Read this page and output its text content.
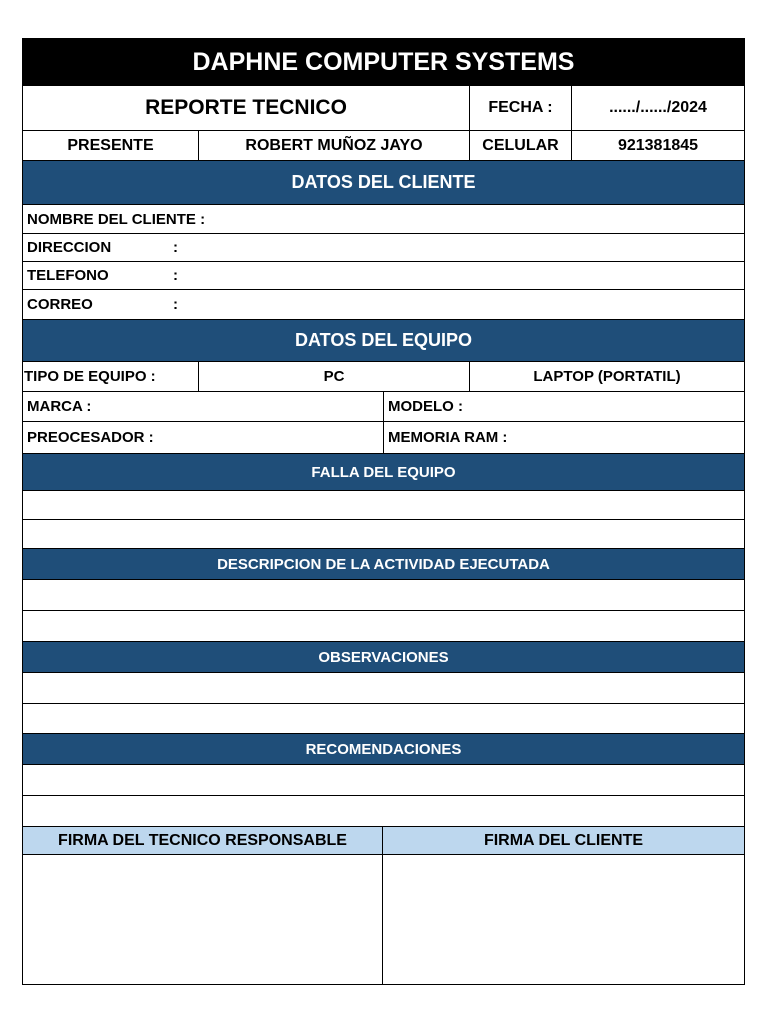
DAPHNE COMPUTER SYSTEMS
REPORTE TECNICO	FECHA :	....../....../2024
PRESENTE	ROBERT MUÑOZ JAYO	CELULAR	921381845
DATOS DEL CLIENTE
NOMBRE DEL CLIENTE :
DIRECCION	:
TELEFONO	:
CORREO	:
DATOS DEL EQUIPO
TIPO DE EQUIPO :	PC	LAPTOP (PORTATIL)
MARCA :	MODELO :
PREOCESADOR :	MEMORIA RAM :
FALLA DEL EQUIPO
DESCRIPCION DE LA ACTIVIDAD EJECUTADA
OBSERVACIONES
RECOMENDACIONES
FIRMA DEL TECNICO RESPONSABLE	FIRMA DEL CLIENTE
